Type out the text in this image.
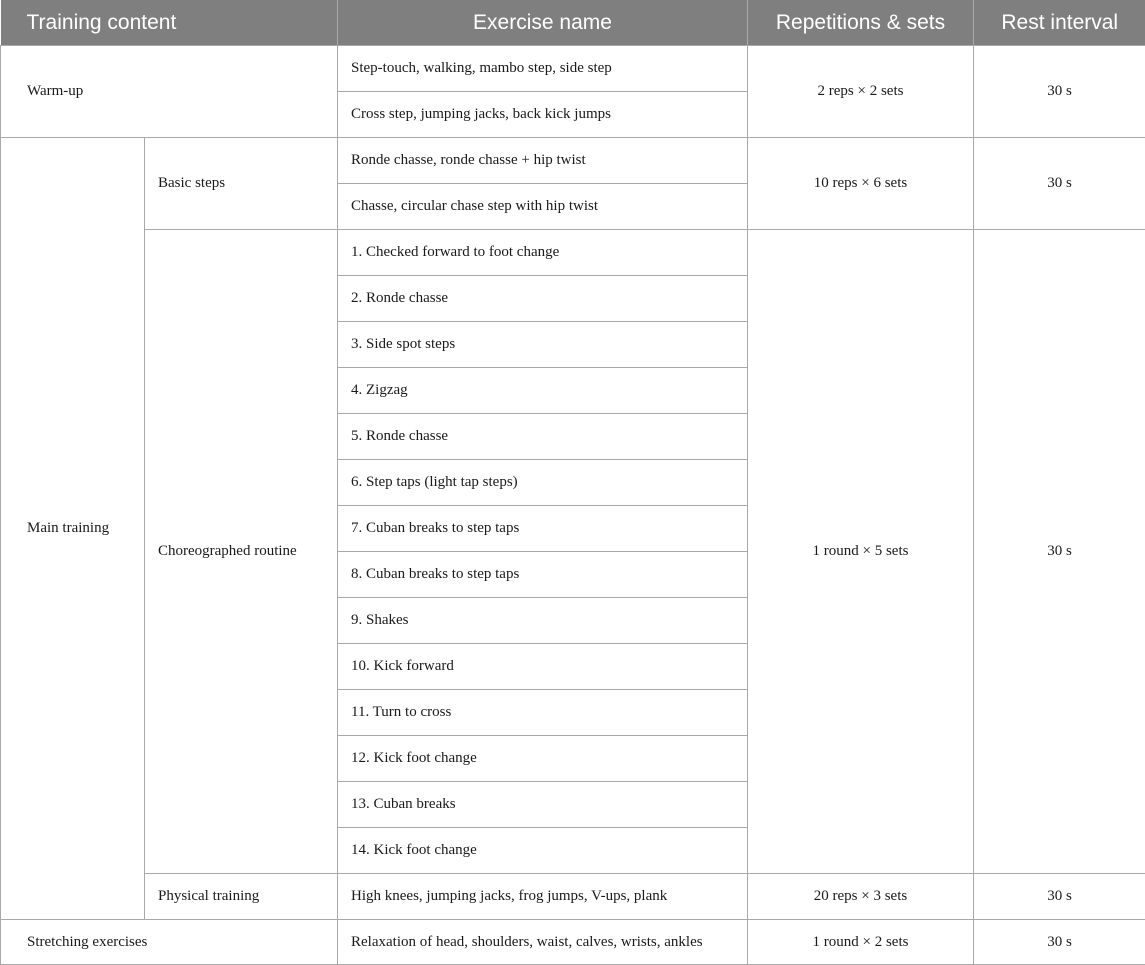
Training content		Exercise name	Repetitions & sets	Rest interval
Warm-up		Step-touch, walking, mambo step, side step	2 reps × 2 sets	30 s
		Cross step, jumping jacks, back kick jumps		
Main training	Basic steps	Ronde chasse, ronde chasse + hip twist	10 reps × 6 sets	30 s
		Chasse, circular chase step with hip twist		
	Choreographed routine	1. Checked forward to foot change	1 round × 5 sets	30 s
		2. Ronde chasse		
		3. Side spot steps		
		4. Zigzag		
		5. Ronde chasse		
		6. Step taps (light tap steps)		
		7. Cuban breaks to step taps		
		8. Cuban breaks to step taps		
		9. Shakes		
		10. Kick forward		
		11. Turn to cross		
		12. Kick foot change		
		13. Cuban breaks		
		14. Kick foot change		
	Physical training	High knees, jumping jacks, frog jumps, V-ups, plank	20 reps × 3 sets	30 s
Stretching exercises		Relaxation of head, shoulders, waist, calves, wrists, ankles	1 round × 2 sets	30 s
